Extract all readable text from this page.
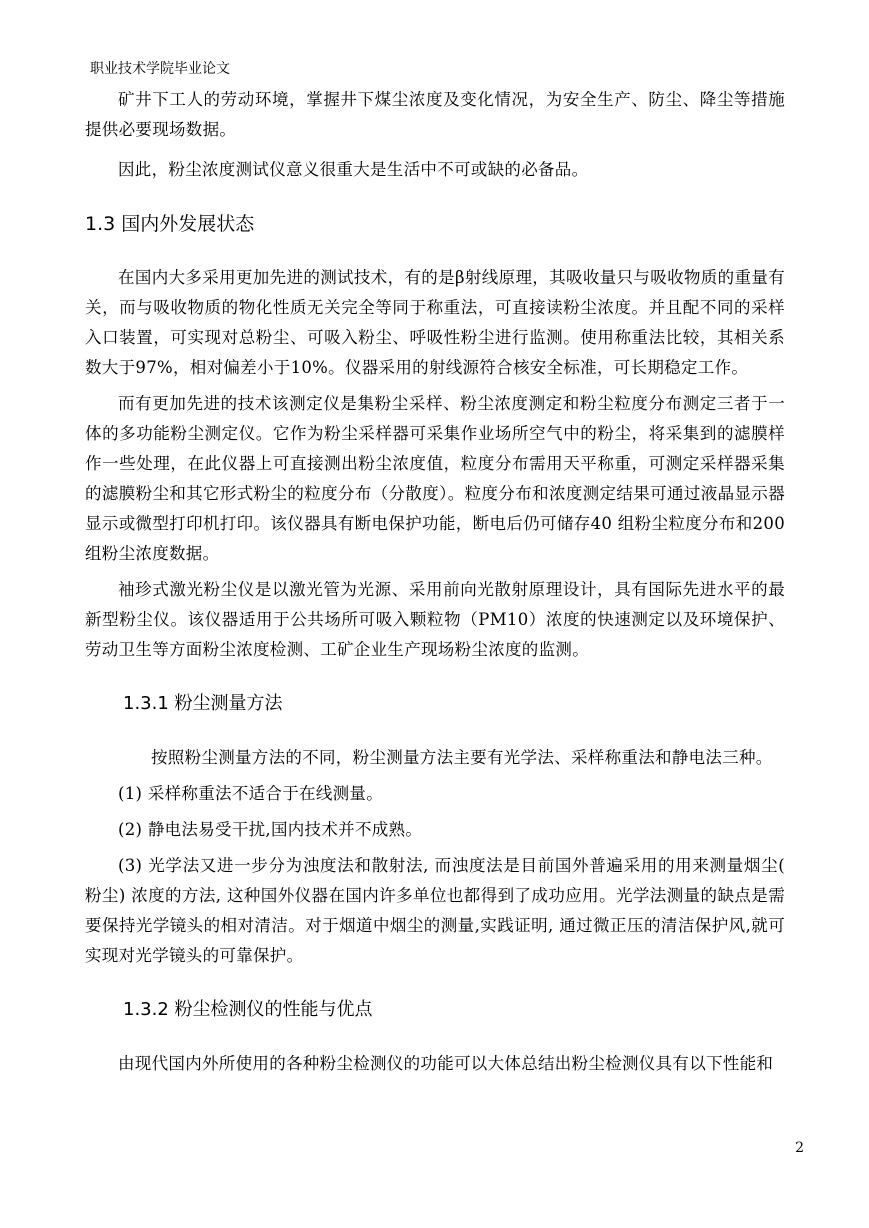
职业技术学院毕业论文

矿井下工人的劳动环境，掌握井下煤尘浓度及变化情况，为安全生产、防尘、降尘等措施提供必要现场数据。

因此，粉尘浓度测试仪意义很重大是生活中不可或缺的必备品。

1.3 国内外发展状态

在国内大多采用更加先进的测试技术，有的是β射线原理，其吸收量只与吸收物质的重量有关，而与吸收物质的物化性质无关完全等同于称重法，可直接读粉尘浓度。并且配不同的采样入口装置，可实现对总粉尘、可吸入粉尘、呼吸性粉尘进行监测。使用称重法比较，其相关系数大于97%，相对偏差小于10%。仪器采用的射线源符合核安全标准，可长期稳定工作。

而有更加先进的技术该测定仪是集粉尘采样、粉尘浓度测定和粉尘粒度分布测定三者于一体的多功能粉尘测定仪。它作为粉尘采样器可采集作业场所空气中的粉尘，将采集到的滤膜样作一些处理，在此仪器上可直接测出粉尘浓度值，粒度分布需用天平称重，可测定采样器采集的滤膜粉尘和其它形式粉尘的粒度分布（分散度）。粒度分布和浓度测定结果可通过液晶显示器显示或微型打印机打印。该仪器具有断电保护功能，断电后仍可储存40 组粉尘粒度分布和200 组粉尘浓度数据。

袖珍式激光粉尘仪是以激光管为光源、采用前向光散射原理设计，具有国际先进水平的最新型粉尘仪。该仪器适用于公共场所可吸入颗粒物（PM10）浓度的快速测定以及环境保护、劳动卫生等方面粉尘浓度检测、工矿企业生产现场粉尘浓度的监测。

1.3.1 粉尘测量方法

按照粉尘测量方法的不同，粉尘测量方法主要有光学法、采样称重法和静电法三种。

(1) 采样称重法不适合于在线测量。

(2) 静电法易受干扰,国内技术并不成熟。

(3) 光学法又进一步分为浊度法和散射法, 而浊度法是目前国外普遍采用的用来测量烟尘( 粉尘) 浓度的方法, 这种国外仪器在国内许多单位也都得到了成功应用。光学法测量的缺点是需要保持光学镜头的相对清洁。对于烟道中烟尘的测量,实践证明, 通过微正压的清洁保护风,就可实现对光学镜头的可靠保护。

1.3.2 粉尘检测仪的性能与优点

由现代国内外所使用的各种粉尘检测仪的功能可以大体总结出粉尘检测仪具有以下性能和

2
